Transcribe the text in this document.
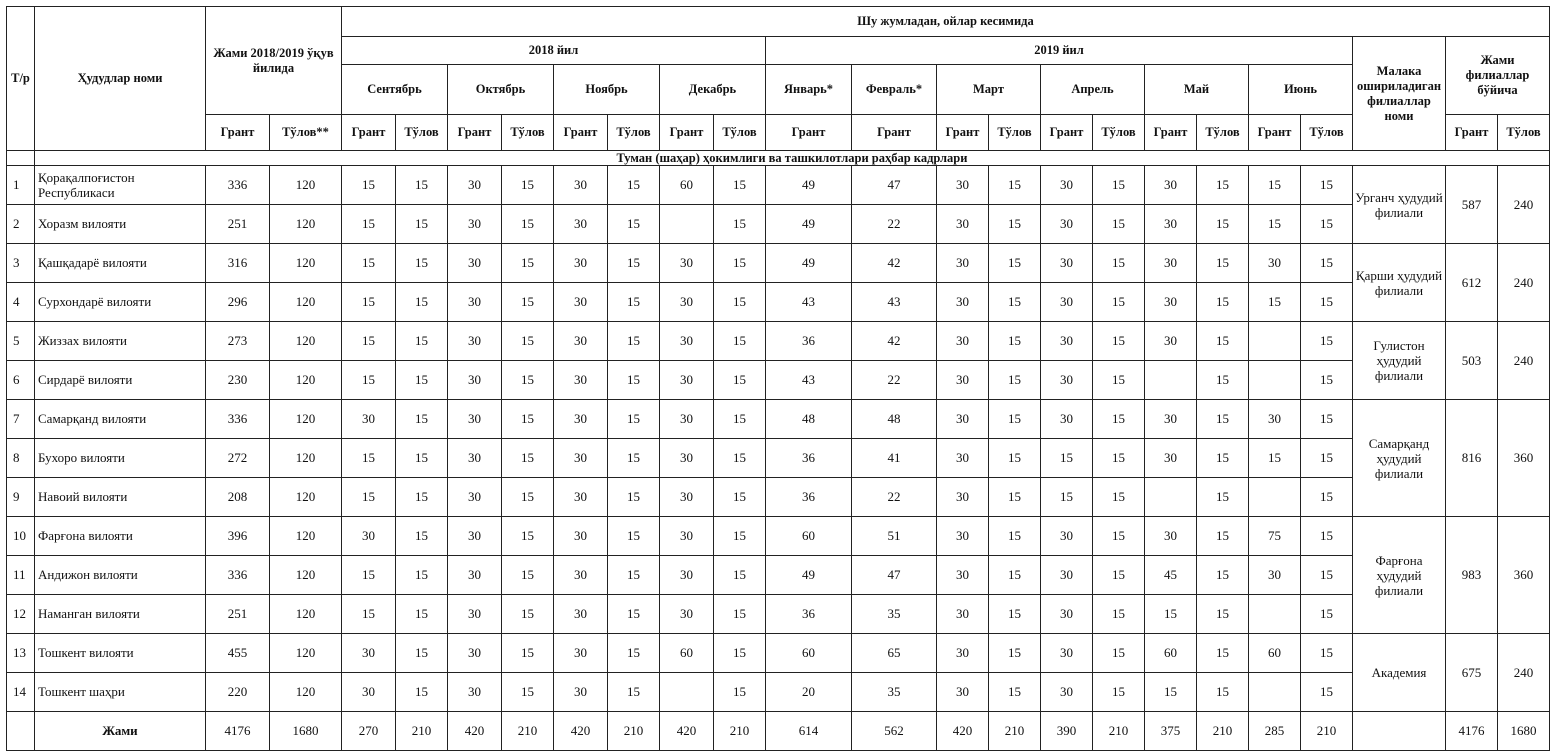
Т/р	Ҳудудлар номи	Жами 2018/2019 ўқув йилида		Шу жумладан, ойлар кесимида																				
				2018 йил								2019 йил										Малака ошириладиган филиаллар номи	Жами филиаллар бўйича	
				Сентябрь		Октябрь		Ноябрь		Декабрь		Январь*	Февраль*	Март		Апрель		Май		Июнь				
		Грант	Тўлов**	Грант	Тўлов	Грант	Тўлов	Грант	Тўлов	Грант	Тўлов	Грант	Грант	Грант	Тўлов	Грант	Тўлов	Грант	Тўлов	Грант	Тўлов		Грант	Тўлов
	Туман (шаҳар) ҳокимлиги ва ташкилотлари раҳбар кадрлари																							
1	Қорақалпоғистон Республикаси	336	120	15	15	30	15	30	15	60	15	49	47	30	15	30	15	30	15	15	15	Урганч ҳудудий филиали	587	240
2	Хоразм вилояти	251	120	15	15	30	15	30	15		15	49	22	30	15	30	15	30	15	15	15			
3	Қашқадарё вилояти	316	120	15	15	30	15	30	15	30	15	49	42	30	15	30	15	30	15	30	15	Қарши ҳудудий филиали	612	240
4	Сурхондарё вилояти	296	120	15	15	30	15	30	15	30	15	43	43	30	15	30	15	30	15	15	15			
5	Жиззах вилояти	273	120	15	15	30	15	30	15	30	15	36	42	30	15	30	15	30	15		15	Гулистон ҳудудий филиали	503	240
6	Сирдарё вилояти	230	120	15	15	30	15	30	15	30	15	43	22	30	15	30	15		15		15			
7	Самарқанд вилояти	336	120	30	15	30	15	30	15	30	15	48	48	30	15	30	15	30	15	30	15	Самарқанд ҳудудий филиали	816	360
8	Бухоро вилояти	272	120	15	15	30	15	30	15	30	15	36	41	30	15	15	15	30	15	15	15			
9	Навоий вилояти	208	120	15	15	30	15	30	15	30	15	36	22	30	15	15	15		15		15			
10	Фарғона вилояти	396	120	30	15	30	15	30	15	30	15	60	51	30	15	30	15	30	15	75	15	Фарғона ҳудудий филиали	983	360
11	Андижон вилояти	336	120	15	15	30	15	30	15	30	15	49	47	30	15	30	15	45	15	30	15			
12	Наманган вилояти	251	120	15	15	30	15	30	15	30	15	36	35	30	15	30	15	15	15		15			
13	Тошкент вилояти	455	120	30	15	30	15	30	15	60	15	60	65	30	15	30	15	60	15	60	15	Академия	675	240
14	Тошкент шаҳри	220	120	30	15	30	15	30	15		15	20	35	30	15	30	15	15	15		15			
	Жами	4176	1680	270	210	420	210	420	210	420	210	614	562	420	210	390	210	375	210	285	210		4176	1680
